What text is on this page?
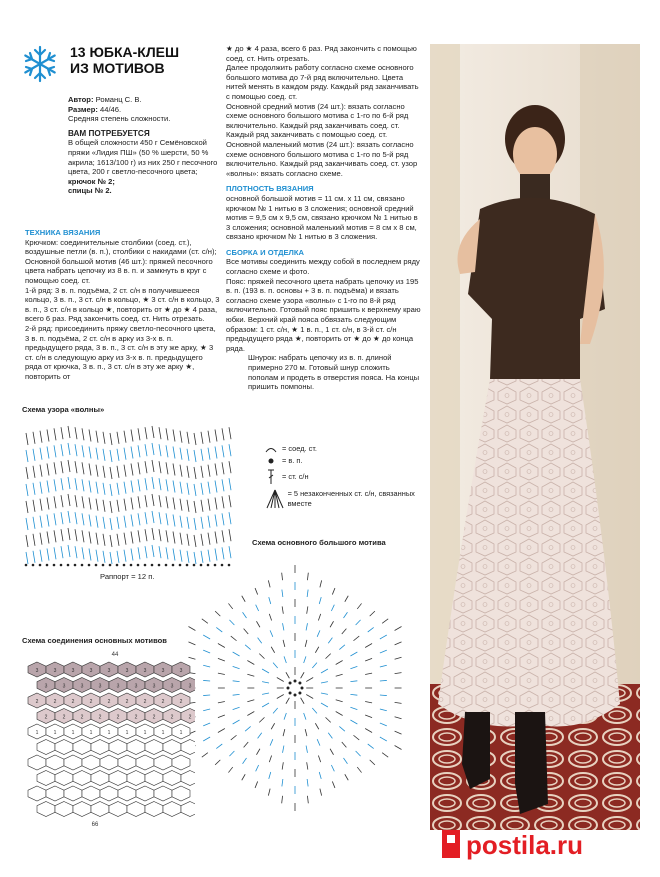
13 ЮБКА-КЛЕШ
ИЗ МОТИВОВ

Автор: Романц С. В.

Размер: 44/46.

Средняя степень сложности.

ВАМ ПОТРЕБУЕТСЯ

В общей сложности 450 г Семёновской пряжи «Лидия ПШ» (50 % шерсти, 50 % акрила; 1613/100 г) из них 250 г песочного цвета, 200 г светло-песочного цвета;

крючок № 2;

спицы № 2.

ТЕХНИКА ВЯЗАНИЯ

Крючком: соединительные столбики (соед. ст.), воздушные петли (в. п.), столбики с накидами (ст. с/н);

Основной большой мотив (46 шт.): пряжей песочного цвета набрать цепочку из 8 в. п. и замкнуть в круг с помощью соед. ст.

1-й ряд: 3 в. п. подъёма, 2 ст. с/н в получившееся кольцо, 3 в. п., 3 ст. с/н в кольцо, ★ 3 ст. с/н в кольцо, 3 в. п., 3 ст. с/н в кольцо ★, повторить от ★ до ★ 4 раза, всего 6 раз. Ряд закончить соед. ст. Нить отрезать.

2-й ряд: присоединить пряжу светло-песочного цвета, 3 в. п. подъёма, 2 ст. с/н в арку из 3-х в. п. предыдущего ряда, 3 в. п., 3 ст. с/н в эту же арку, ★ 3 ст. с/н в следующую арку из 3-х в. п. предыдущего ряда от крючка, 3 в. п., 3 ст. с/н в эту же арку ★, повторить от

★ до ★ 4 раза, всего 6 раз. Ряд закончить с помощью соед. ст. Нить отрезать.

Далее продолжить работу согласно схеме основного большого мотива до 7-й ряд включительно. Цвета нитей менять в каждом ряду. Каждый ряд заканчивать с помощью соед. ст.

Основной средний мотив (24 шт.): вязать согласно схеме основного большого мотива с 1-го по 6-й ряд включительно. Каждый ряд заканчивать соед. ст. Каждый ряд заканчивать с помощью соед. ст.

Основной маленький мотив (24 шт.): вязать согласно схеме основного большого мотива с 1-го по 5-й ряд включительно. Каждый ряд заканчивать соед. ст. узор «волны»: вязать согласно схеме.

ПЛОТНОСТЬ ВЯЗАНИЯ

основной большой мотив = 11 см. х 11 см, связано крючком № 1 нитью в 3 сложения; основной средний мотив = 9,5 см х 9,5 см, связано крючком № 1 нитью в 3 сложения; основной маленький мотив = 8 см х 8 см, связано крючком № 1 нитью в 3 сложения.

СБОРКА И ОТДЕЛКА

Все мотивы соединить между собой в последнем ряду согласно схеме и фото.

Пояс: пряжей песочного цвета набрать цепочку из 195 в. п. (193 в. п. основы + 3 в. п. подъёма) и вязать согласно схеме узора «волны» с 1-го по 8-й ряд включительно. Готовый пояс пришить к верхнему краю юбки. Верхний край пояса обвязать следующим образом: 1 ст. с/н, ★ 1 в. п., 1 ст. с/н, в 3-й ст. с/н предыдущего ряда ★, повторить от ★ до ★ до конца ряда.

Шнурок: набрать цепочку из в. п. длиной примерно 270 м. Готовый шнур сложить пополам и продеть в отверстия пояса. На концы пришить помпоны.

Схема узора «волны»
Раппорт = 12 п.
= соед. ст.
= в. п.
= ст. с/н
= 5 незаконченных ст. с/н, связанных вместе
Схема основного большого мотива
Схема соединения основных мотивов
3	3	3	3	3	3	3	3	3
3	3	3	3	3	3	3	3	3
2	2	2	2	2	2	2	2	2
2	2	2	2	2	2	2	2	2
1	1	1	1	1	1	1	1	1
44
66
postila.ru
